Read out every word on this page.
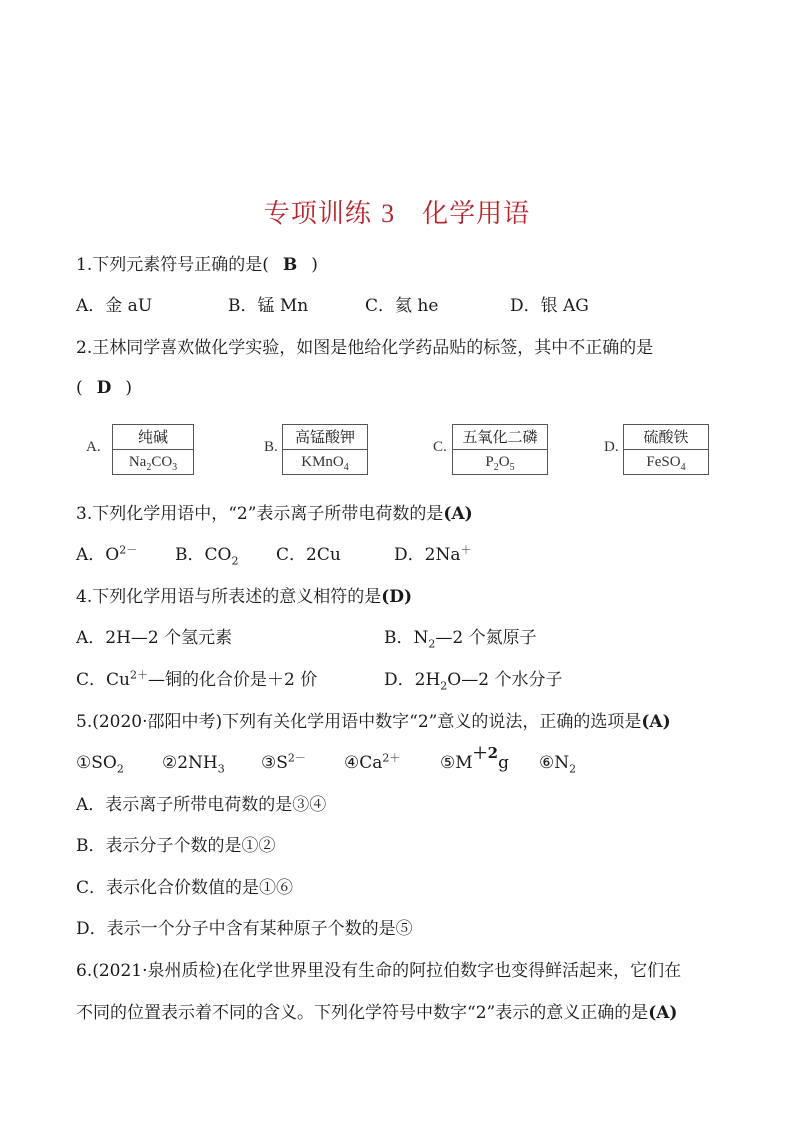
专项训练 3　化学用语
1.下列元素符号正确的是( B )
A．金 aU	B．锰 Mn	C．氦 he	D．银 AG
2.王林同学喜欢做化学实验，如图是他给化学药品贴的标签，其中不正确的是
( D )
A.
纯碱
$Na_2CO_3$
B.
高锰酸钾
KMnO$_4$
C.
五氧化二磷
$P_2O_5$
D.
硫酸铁
FeSO$_4$
3.下列化学用语中，“2”表示离子所带电荷数的是(A)
A．$O^{2-}$ B．$CO_2$ C．2Cu	D．2Na＋
4.下列化学用语与所表述的意义相符的是(D)
A．2H—2 个氢元素	B．$N_2—2$ 个氮原子
C．$Cu^{2+}—$铜的化合价是＋2 价	D．$2H_2O—2$ 个水分子
5.(2020·邵阳中考)下列有关化学用语中数字“2”意义的说法，正确的选项是(A)
$①SO_2$ $②2NH_3$ $③S^{2-}$ $④Ca^{2+}$ ⑤M＋2g $⑥N_2$
A．表示离子所带电荷数的是③④
B．表示分子个数的是①②
C．表示化合价数值的是①⑥
D．表示一个分子中含有某种原子个数的是⑤
6.(2021·泉州质检)在化学世界里没有生命的阿拉伯数字也变得鲜活起来，它们在
不同的位置表示着不同的含义。下列化学符号中数字“2”表示的意义正确的是(A)
